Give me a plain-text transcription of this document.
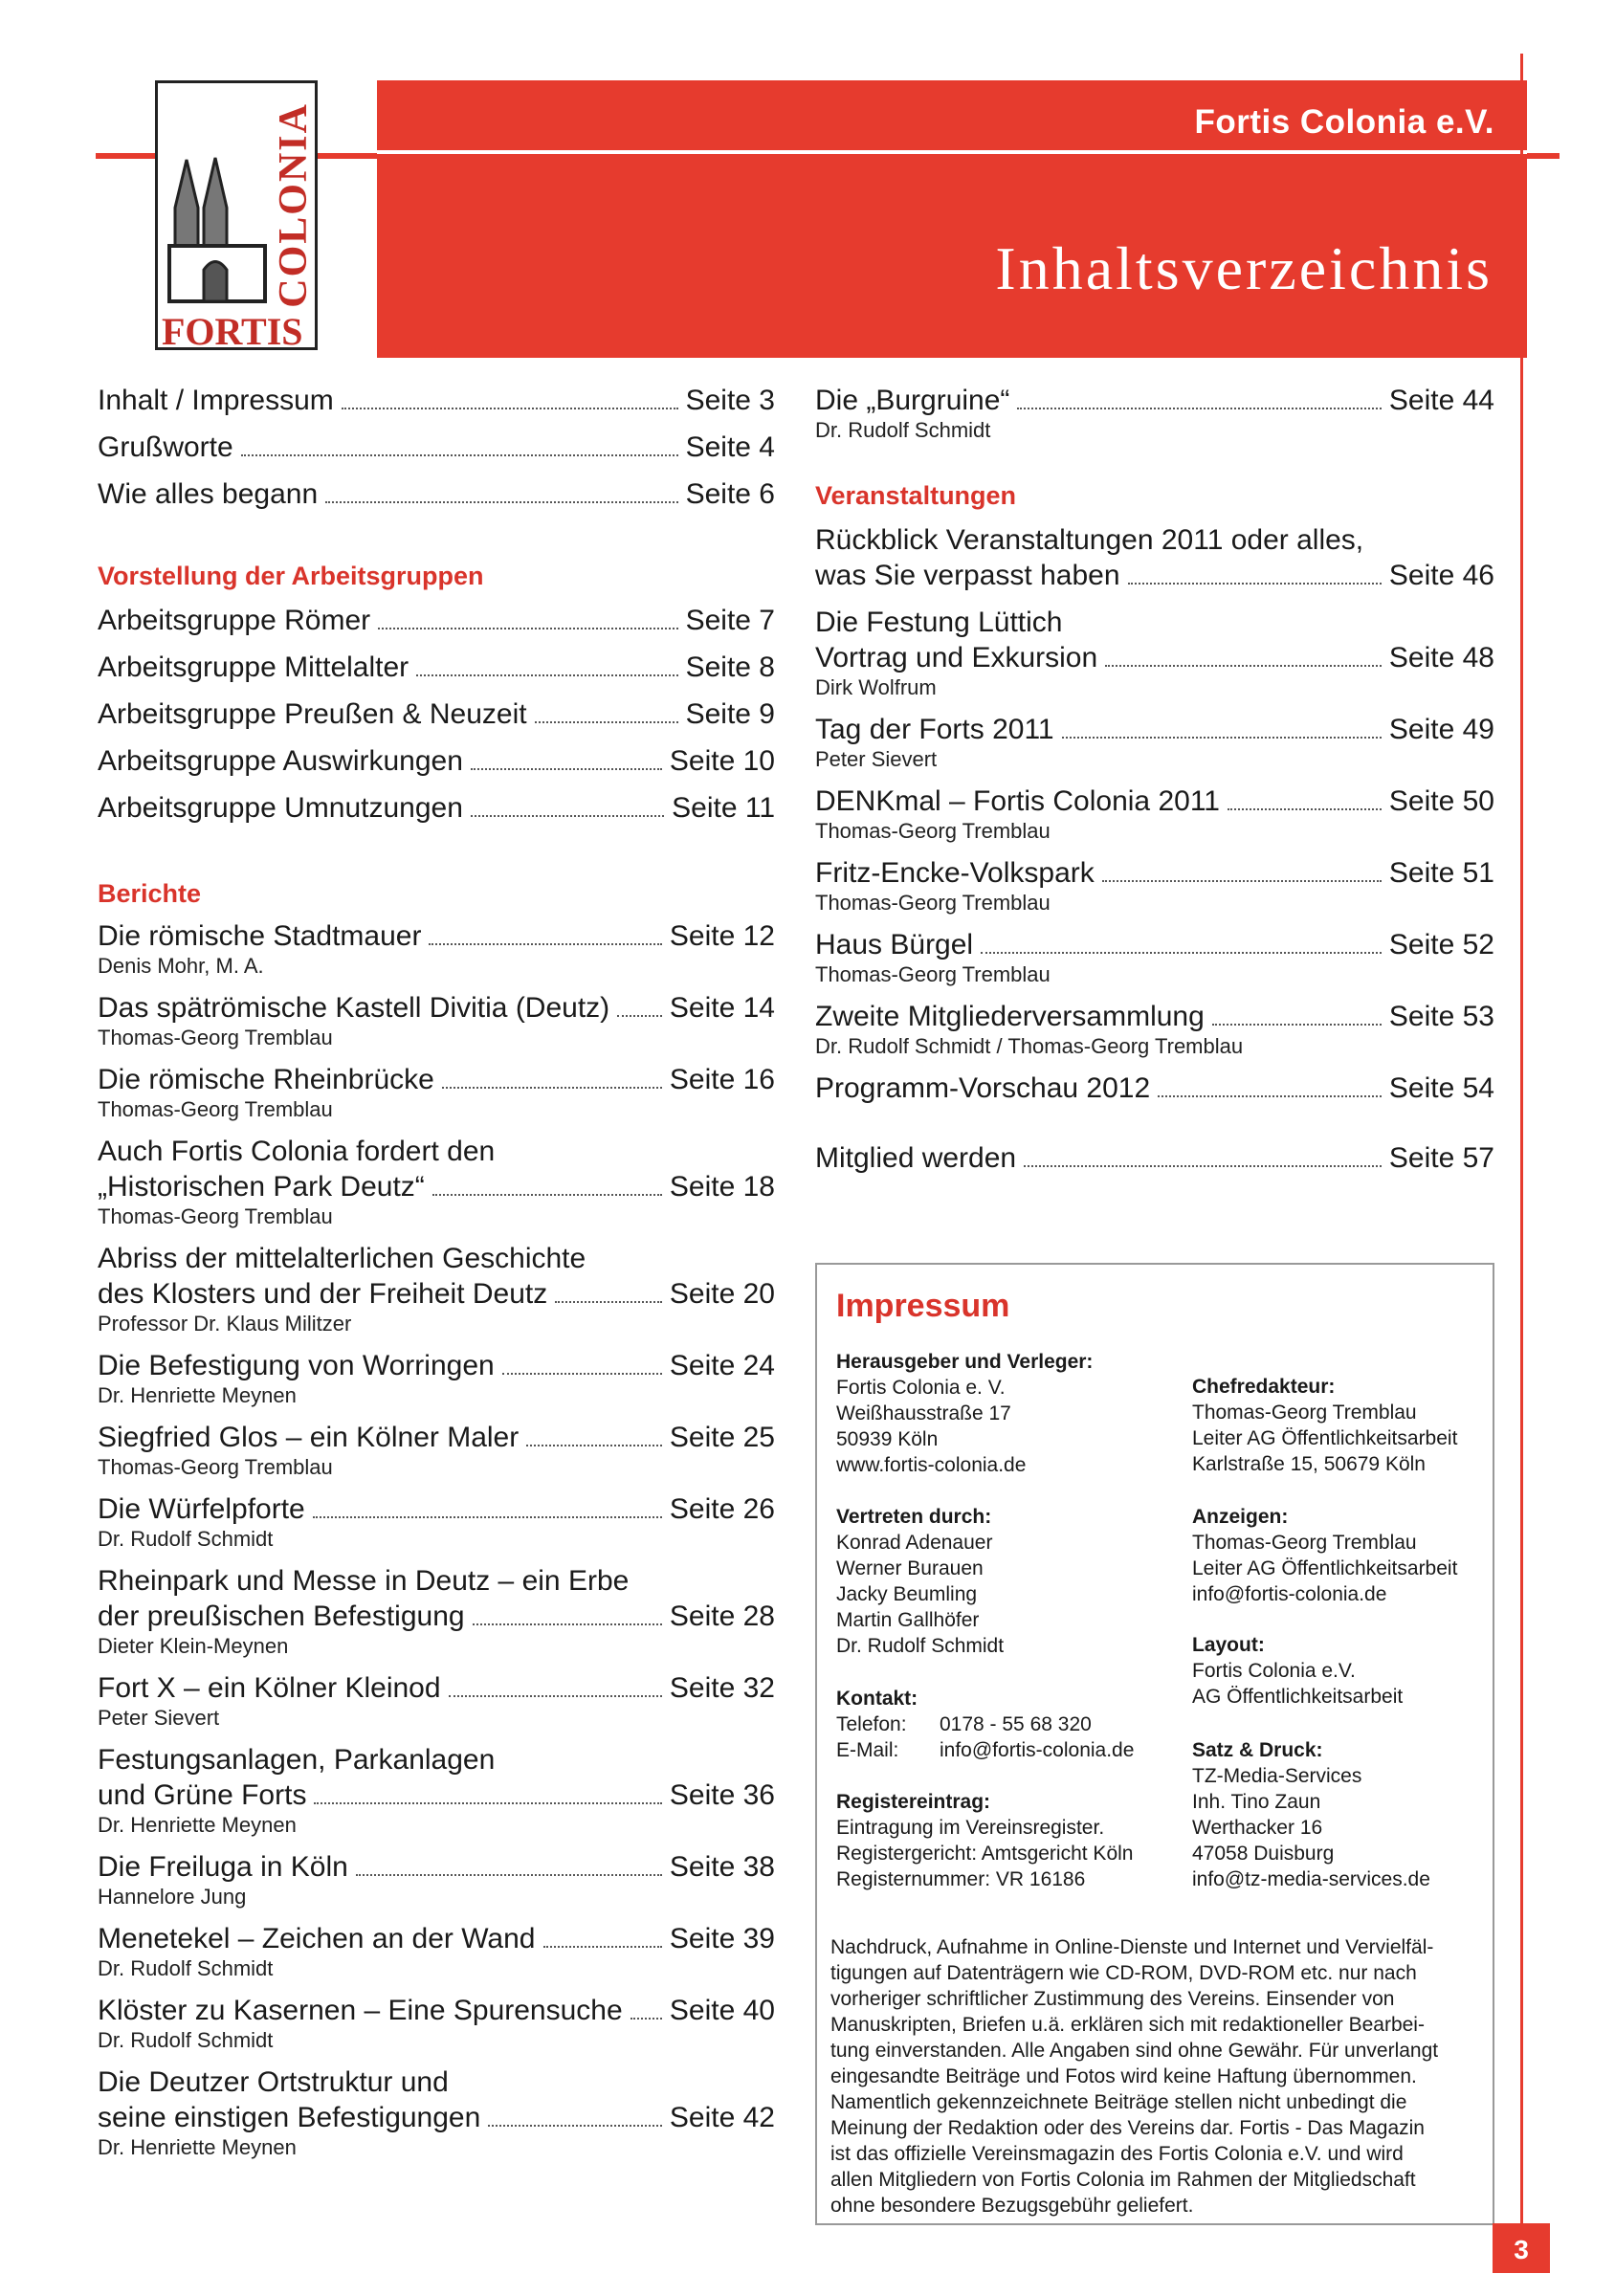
Fortis Colonia e.V.
Inhaltsverzeichnis
COLONIA
FORTIS
Inhalt / Impressum	Seite 3
Grußworte	Seite 4
Wie alles begann	Seite 6
Vorstellung der Arbeitsgruppen
Arbeitsgruppe Römer	Seite 7
Arbeitsgruppe Mittelalter	Seite 8
Arbeitsgruppe Preußen & Neuzeit	Seite 9
Arbeitsgruppe Auswirkungen	Seite 10
Arbeitsgruppe Umnutzungen	Seite 11
Berichte
Die römische Stadtmauer	Seite 12
Denis Mohr, M. A.
Das spätrömische Kastell Divitia (Deutz) Seite 14
Thomas-Georg Tremblau
Die römische Rheinbrücke	Seite 16
Thomas-Georg Tremblau
Auch Fortis Colonia fordert den
„Historischen Park Deutz“	Seite 18
Thomas-Georg Tremblau
Abriss der mittelalterlichen Geschichte
des Klosters und der Freiheit Deutz	Seite 20
Professor Dr. Klaus Militzer
Die Befestigung von Worringen	Seite 24
Dr. Henriette Meynen
Siegfried Glos – ein Kölner Maler	Seite 25
Thomas-Georg Tremblau
Die Würfelpforte	Seite 26
Dr. Rudolf Schmidt
Rheinpark und Messe in Deutz – ein Erbe
der preußischen Befestigung	Seite 28
Dieter Klein-Meynen
Fort X – ein Kölner Kleinod	Seite 32
Peter Sievert
Festungsanlagen, Parkanlagen
und Grüne Forts	Seite 36
Dr. Henriette Meynen
Die Freiluga in Köln	Seite 38
Hannelore Jung
Menetekel – Zeichen an der Wand	Seite 39
Dr. Rudolf Schmidt
Klöster zu Kasernen – Eine Spurensuche Seite 40
Dr. Rudolf Schmidt
Die Deutzer Ortstruktur und
seine einstigen Befestigungen	Seite 42
Dr. Henriette Meynen
Die „Burgruine“	Seite 44
Dr. Rudolf Schmidt
Veranstaltungen
Rückblick Veranstaltungen 2011 oder alles,
was Sie verpasst haben	Seite 46
Die Festung Lüttich
Vortrag und Exkursion	Seite 48
Dirk Wolfrum
Tag der Forts 2011	Seite 49
Peter Sievert
DENKmal – Fortis Colonia 2011	Seite 50
Thomas-Georg Tremblau
Fritz-Encke-Volkspark	Seite 51
Thomas-Georg Tremblau
Haus Bürgel	Seite 52
Thomas-Georg Tremblau
Zweite Mitgliederversammlung	Seite 53
Dr. Rudolf Schmidt / Thomas-Georg Tremblau
Programm-Vorschau 2012	Seite 54
Mitglied werden	Seite 57
Impressum
Herausgeber und Verleger:
Fortis Colonia e. V.
Weißhausstraße 17
50939 Köln
www.fortis-colonia.de
Vertreten durch:
Konrad Adenauer
Werner Burauen
Jacky Beumling
Martin Gallhöfer
Dr. Rudolf Schmidt
Kontakt:
Telefon:	0178 - 55 68 320
E-Mail:	info@fortis-colonia.de
Registereintrag:
Eintragung im Vereinsregister.
Registergericht: Amtsgericht Köln
Registernummer: VR 16186
Chefredakteur:
Thomas-Georg Tremblau
Leiter AG Öffentlichkeitsarbeit
Karlstraße 15, 50679 Köln
Anzeigen:
Thomas-Georg Tremblau
Leiter AG Öffentlichkeitsarbeit
info@fortis-colonia.de
Layout:
Fortis Colonia e.V.
AG Öffentlichkeitsarbeit
Satz & Druck:
TZ-Media-Services
Inh. Tino Zaun
Werthacker 16
47058 Duisburg
info@tz-media-services.de
Nachdruck, Aufnahme in Online-Dienste und Internet und Vervielfäl-
tigungen auf Datenträgern wie CD-ROM, DVD-ROM etc. nur nach
vorheriger schriftlicher Zustimmung des Vereins. Einsender von
Manuskripten, Briefen u.ä. erklären sich mit redaktioneller Bearbei-
tung einverstanden. Alle Angaben sind ohne Gewähr. Für unverlangt
eingesandte Beiträge und Fotos wird keine Haftung übernommen.
Namentlich gekennzeichnete Beiträge stellen nicht unbedingt die
Meinung der Redaktion oder des Vereins dar. Fortis - Das Magazin
ist das offizielle Vereinsmagazin des Fortis Colonia e.V. und wird
allen Mitgliedern von Fortis Colonia im Rahmen der Mitgliedschaft
ohne besondere Bezugsgebühr geliefert.
3
